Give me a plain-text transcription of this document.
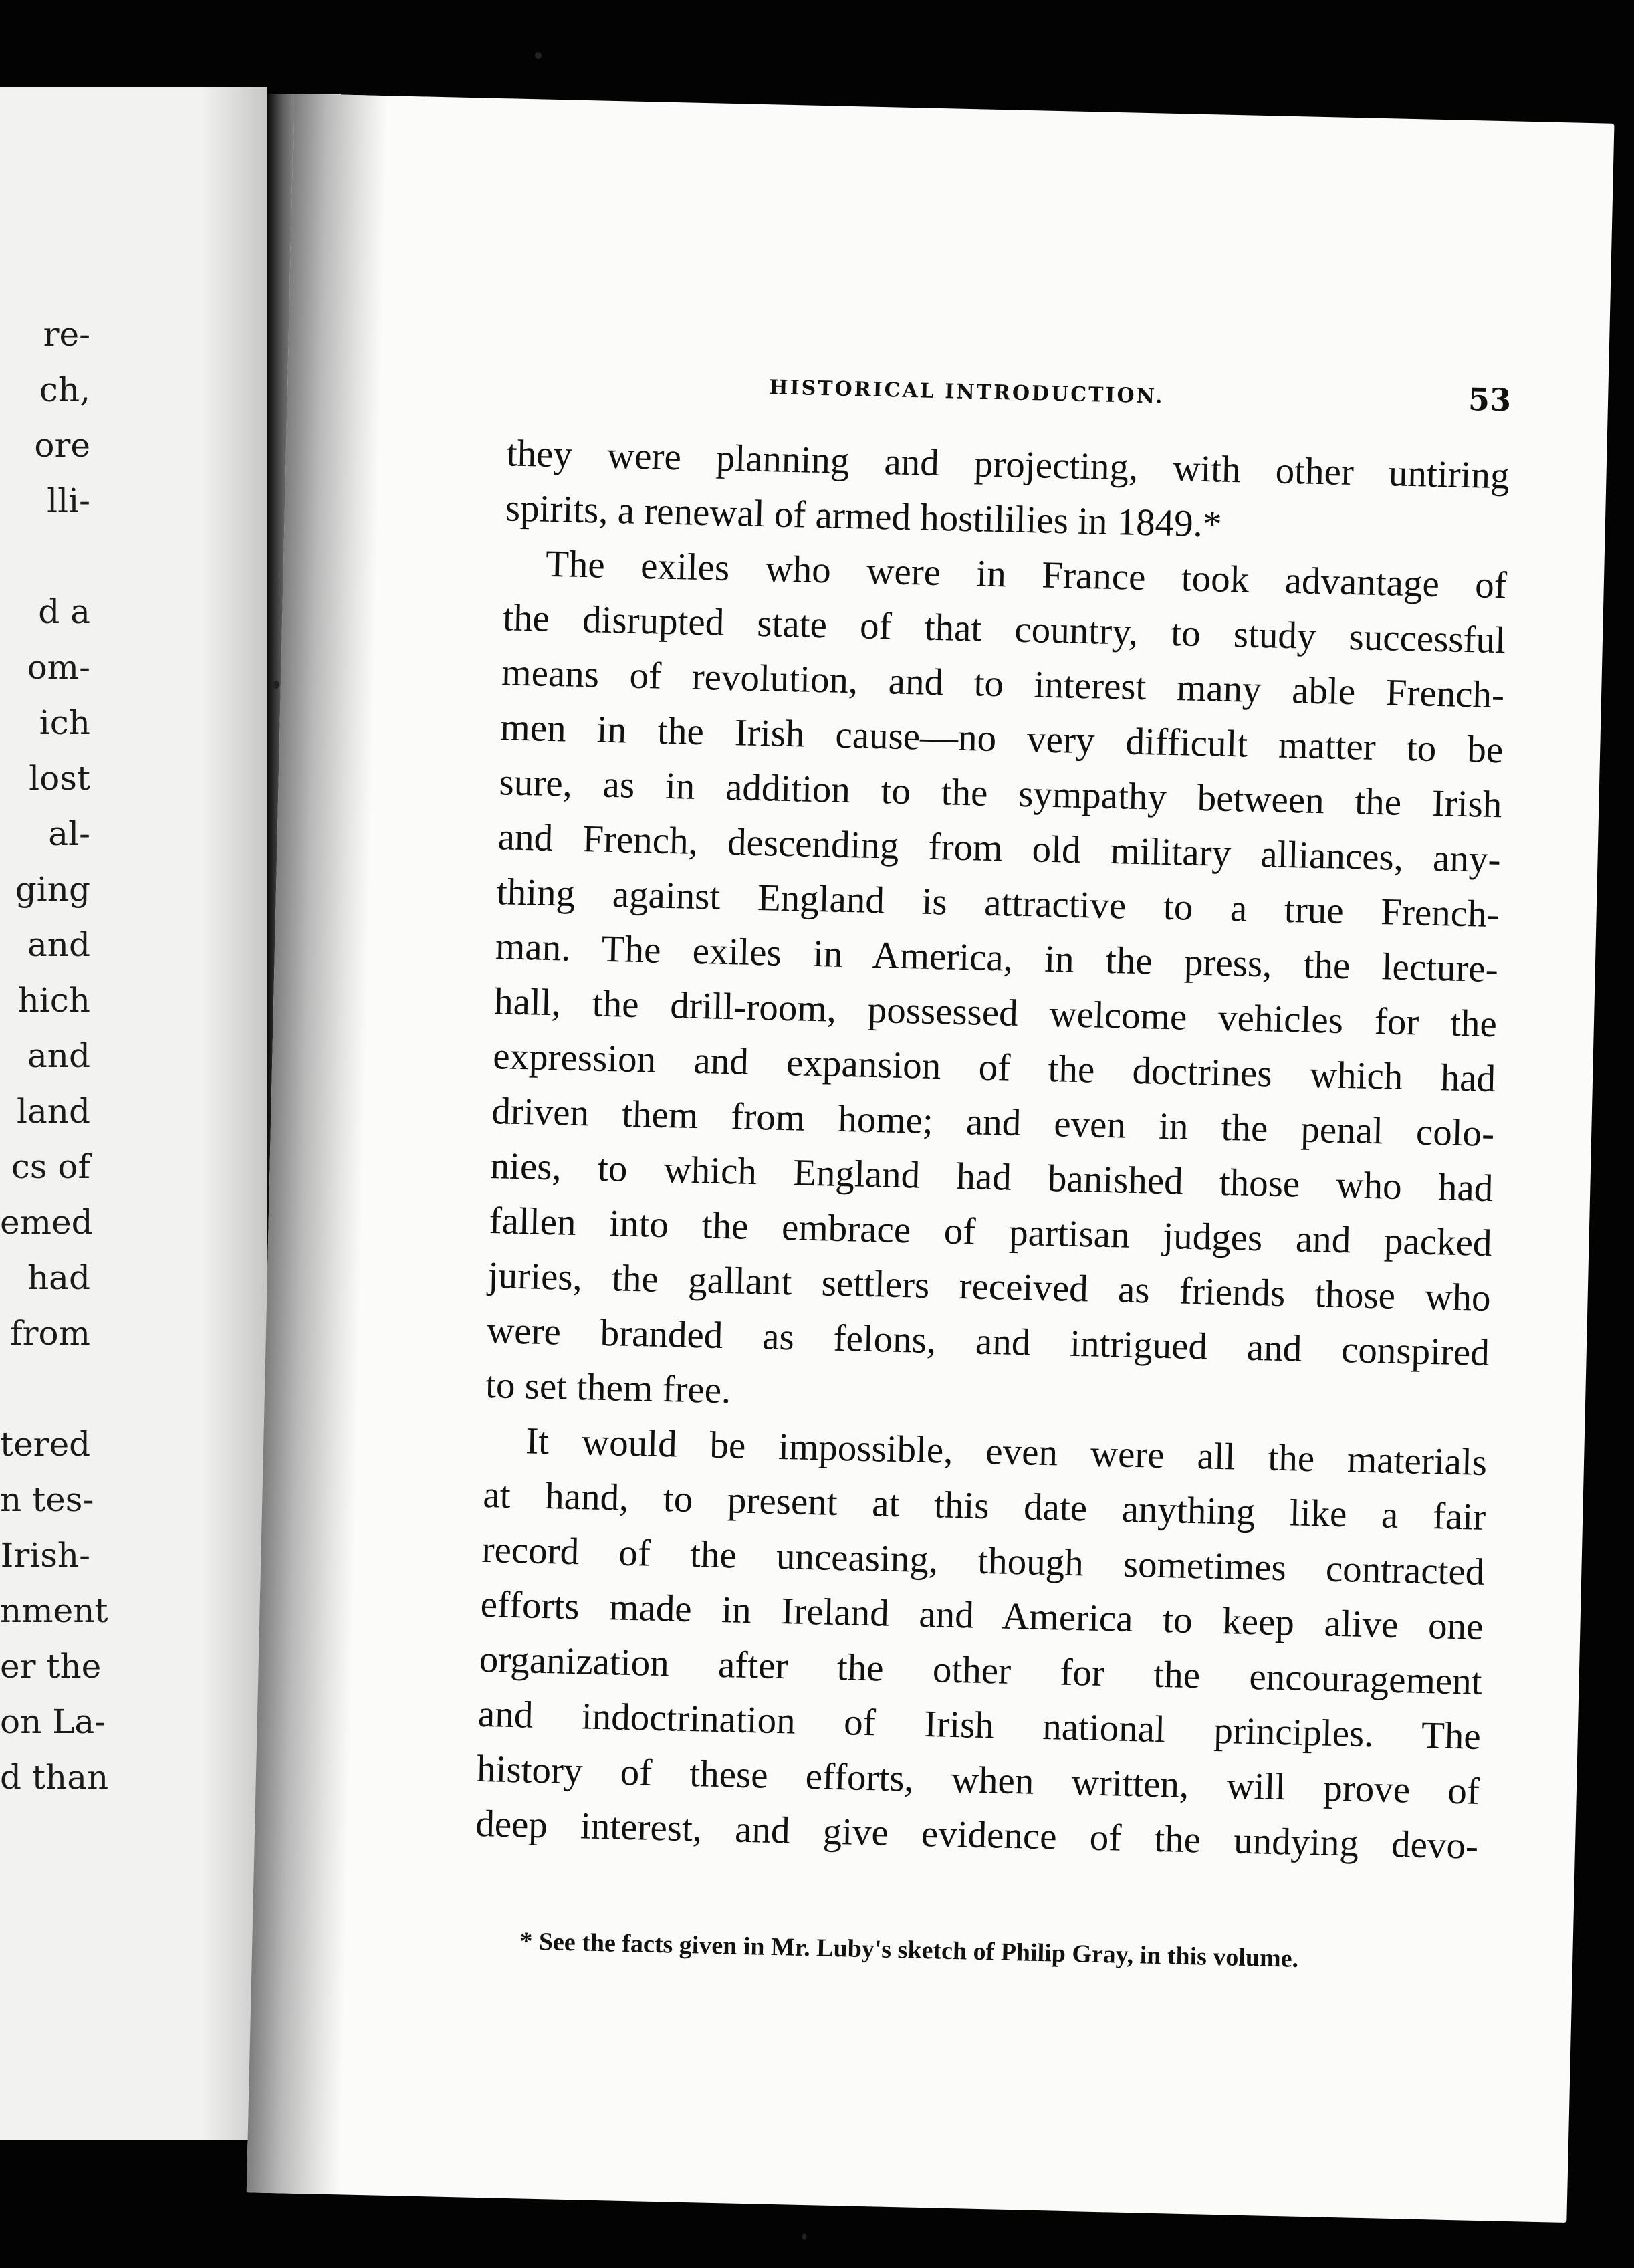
re-
ch,
ore
lli-
d a
om-
ich
lost
al-
ging
and
hich
and
land
cs of
emed
had
from
tered
n tes-
Irish-
nment
er the
on La-
d than
HISTORICAL INTRODUCTION.	53
they were planning and projecting, with other untiring
spirits, a renewal of armed hostililies in 1849.*
The exiles who were in France took advantage of
the disrupted state of that country, to study successful
means of revolution, and to interest many able French-
men in the Irish cause—no very difficult matter to be
sure, as in addition to the sympathy between the Irish
and French, descending from old military alliances, any-
thing against England is attractive to a true French-
man. The exiles in America, in the press, the lecture-
hall, the drill-room, possessed welcome vehicles for the
expression and expansion of the doctrines which had
driven them from home; and even in the penal colo-
nies, to which England had banished those who had
fallen into the embrace of partisan judges and packed
juries, the gallant settlers received as friends those who
were branded as felons, and intrigued and conspired
to set them free.
It would be impossible, even were all the materials
at hand, to present at this date anything like a fair
record of the unceasing, though sometimes contracted
efforts made in Ireland and America to keep alive one
organization after the other for the encouragement
and indoctrination of Irish national principles. The
history of these efforts, when written, will prove of
deep interest, and give evidence of the undying devo-
* See the facts given in Mr. Luby's sketch of Philip Gray, in this volume.
